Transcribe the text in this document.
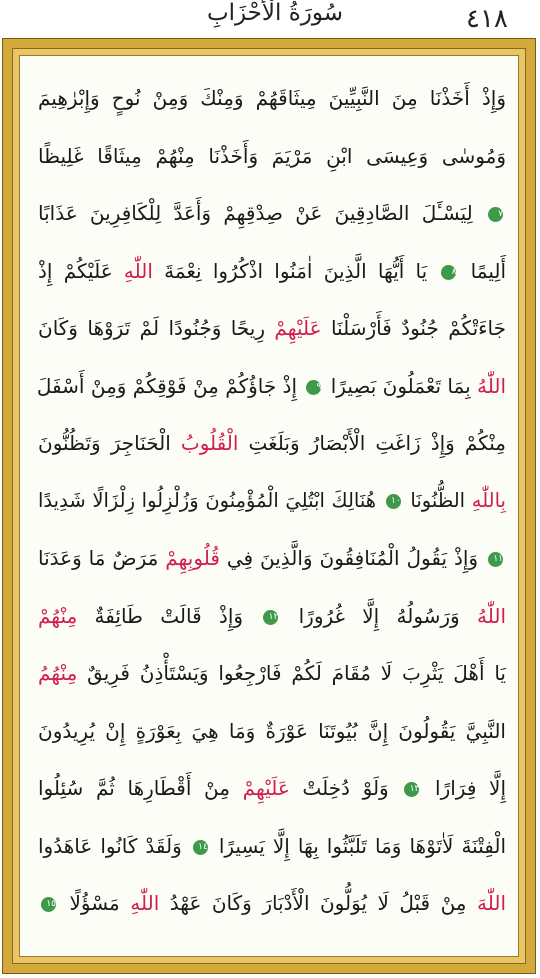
٤١٨
سُورَةُ الْأَحْزَابِ
وَإِذْ أَخَذْنَا مِنَ النَّبِيِّينَ مِيثَاقَهُمْ وَمِنْكَ وَمِنْ نُوحٍ وَإِبْرٰهِيمَ
وَمُوسٰى وَعِيسَى ابْنِ مَرْيَمَ وَأَخَذْنَا مِنْهُمْ مِيثَاقًا غَلِيظًا
٧ لِيَسْـَٔلَ الصَّادِقِينَ عَنْ صِدْقِهِمْ وَأَعَدَّ لِلْكَافِرِينَ عَذَابًا
أَلِيمًا ٨ يَا أَيُّهَا الَّذِينَ اٰمَنُوا اذْكُرُوا نِعْمَةَ اللّٰهِ عَلَيْكُمْ إِذْ
جَاءَتْكُمْ جُنُودٌ فَأَرْسَلْنَا عَلَيْهِمْ رِيحًا وَجُنُودًا لَمْ تَرَوْهَا وَكَانَ
اللّٰهُ بِمَا تَعْمَلُونَ بَصِيرًا ٩ إِذْ جَاؤُكُمْ مِنْ فَوْقِكُمْ وَمِنْ أَسْفَلَ
مِنْكُمْ وَإِذْ زَاغَتِ الْأَبْصَارُ وَبَلَغَتِ الْقُلُوبُ الْحَنَاجِرَ وَتَظُنُّونَ
بِاللّٰهِ الظُّنُونَا ١٠ هُنَالِكَ ابْتُلِيَ الْمُؤْمِنُونَ وَزُلْزِلُوا زِلْزَالًا شَدِيدًا
١١ وَإِذْ يَقُولُ الْمُنَافِقُونَ وَالَّذِينَ فِي قُلُوبِهِمْ مَرَضٌ مَا وَعَدَنَا
اللّٰهُ وَرَسُولُهُ إِلَّا غُرُورًا ١٢ وَإِذْ قَالَتْ طَائِفَةٌ مِنْهُمْ
يَا أَهْلَ يَثْرِبَ لَا مُقَامَ لَكُمْ فَارْجِعُوا وَيَسْتَأْذِنُ فَرِيقٌ مِنْهُمُ
النَّبِيَّ يَقُولُونَ إِنَّ بُيُوتَنَا عَوْرَةٌ وَمَا هِيَ بِعَوْرَةٍ إِنْ يُرِيدُونَ
إِلَّا فِرَارًا ١٣ وَلَوْ دُخِلَتْ عَلَيْهِمْ مِنْ أَقْطَارِهَا ثُمَّ سُئِلُوا
الْفِتْنَةَ لَاٰتَوْهَا وَمَا تَلَبَّثُوا بِهَا إِلَّا يَسِيرًا ١٤ وَلَقَدْ كَانُوا عَاهَدُوا
اللّٰهَ مِنْ قَبْلُ لَا يُوَلُّونَ الْأَدْبَارَ وَكَانَ عَهْدُ اللّٰهِ مَسْؤُلًا ١٥
